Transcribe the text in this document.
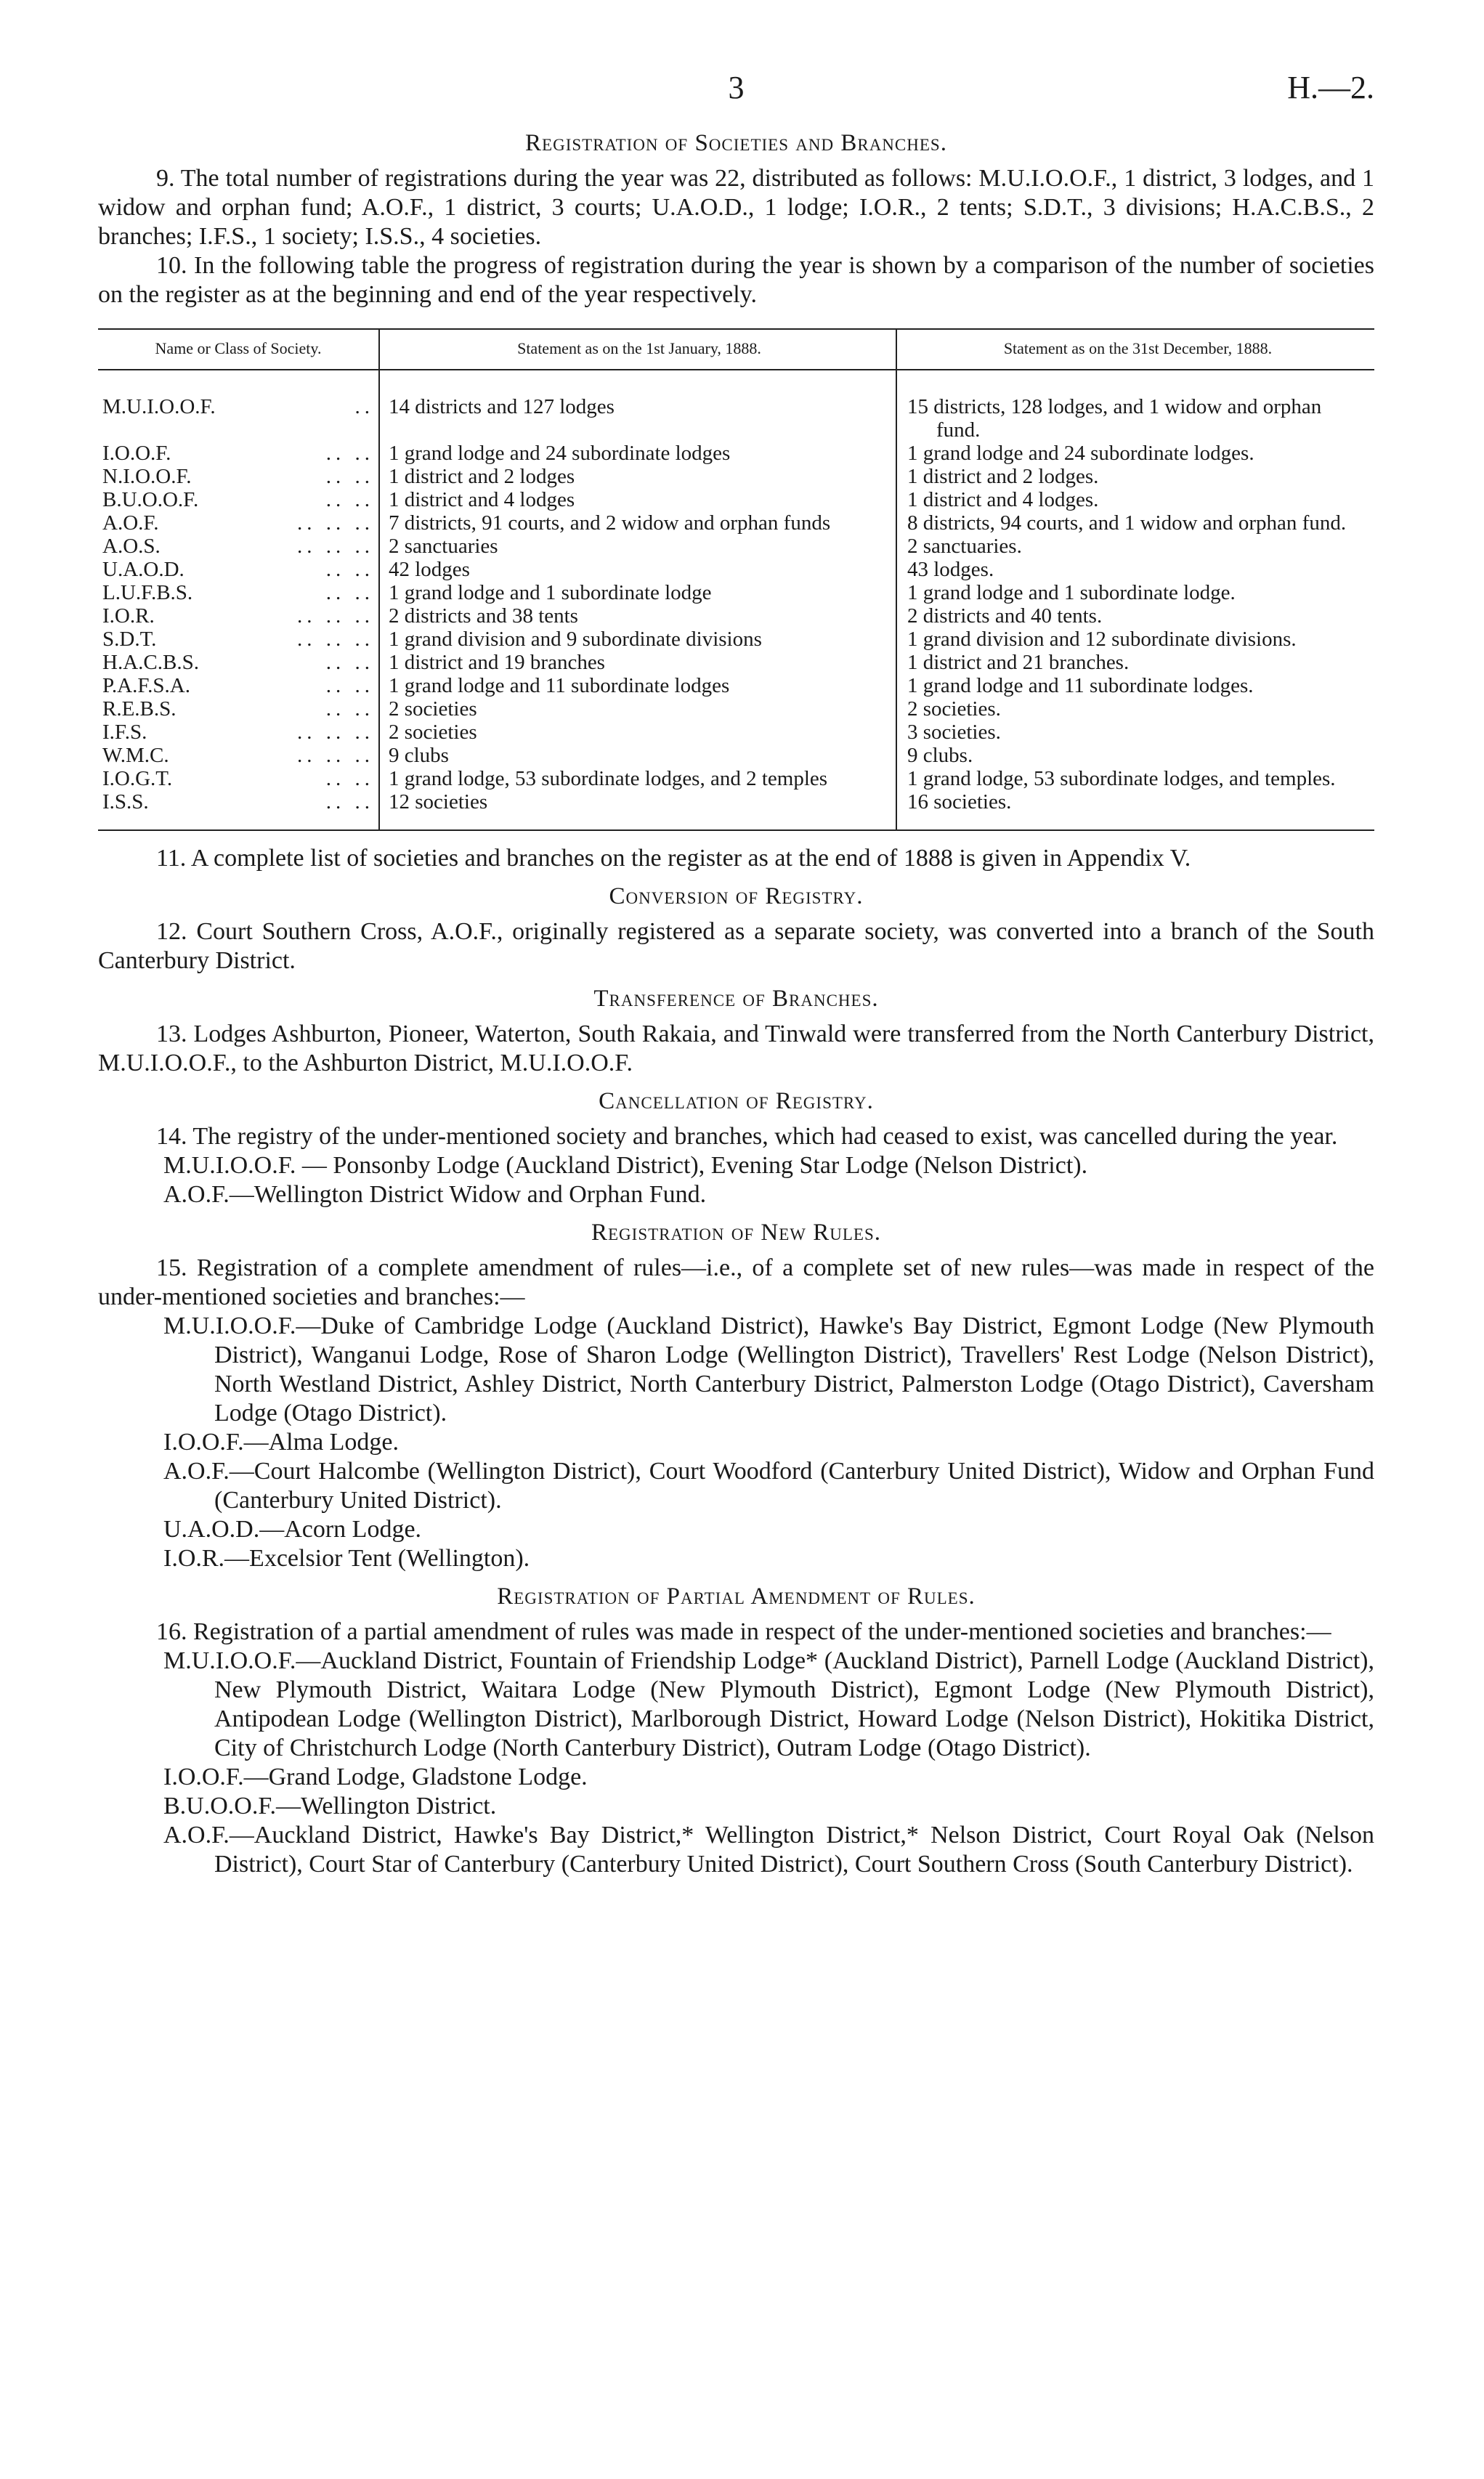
3	H.—2.
Registration of Societies and Branches.

9. The total number of registrations during the year was 22, distributed as follows: M.U.I.O.O.F., 1 district, 3 lodges, and 1 widow and orphan fund; A.O.F., 1 district, 3 courts; U.A.O.D., 1 lodge; I.O.R., 2 tents; S.D.T., 3 divisions; H.A.C.B.S., 2 branches; I.F.S., 1 society; I.S.S., 4 societies.

10. In the following table the progress of registration during the year is shown by a comparison of the number of societies on the register as at the beginning and end of the year respectively.

Name or Class of Society.	Statement as on the 1st January, 1888.	Statement as on the 31st December, 1888.

M.U.I.O.O.F. ..	14 districts and 127 lodges	15 districts, 128 lodges, and 1 widow and orphan fund.

I.O.O.F. .. ..	1 grand lodge and 24 subordinate lodges	1 grand lodge and 24 subordinate lodges.

N.I.O.O.F. .. ..	1 district and 2 lodges	1 district and 2 lodges.

B.U.O.O.F. .. ..	1 district and 4 lodges	1 district and 4 lodges.

A.O.F. .. .. ..	7 districts, 91 courts, and 2 widow and orphan funds	8 districts, 94 courts, and 1 widow and orphan fund.

A.O.S. .. .. ..	2 sanctuaries	2 sanctuaries.

U.A.O.D. .. ..	42 lodges	43 lodges.

L.U.F.B.S. .. ..	1 grand lodge and 1 subordinate lodge	1 grand lodge and 1 subordinate lodge.

I.O.R. .. .. ..	2 districts and 38 tents	2 districts and 40 tents.

S.D.T. .. .. ..	1 grand division and 9 subordinate divisions	1 grand division and 12 subordinate divisions.

H.A.C.B.S. .. ..	1 district and 19 branches	1 district and 21 branches.

P.A.F.S.A. .. ..	1 grand lodge and 11 subordinate lodges	1 grand lodge and 11 subordinate lodges.

R.E.B.S. .. ..	2 societies	2 societies.

I.F.S. .. .. ..	2 societies	3 societies.

W.M.C. .. .. ..	9 clubs	9 clubs.

I.O.G.T. .. ..	1 grand lodge, 53 subordinate lodges, and 2 temples	1 grand lodge, 53 subordinate lodges, and temples.

I.S.S. .. ..	12 societies	16 societies.

11. A complete list of societies and branches on the register as at the end of 1888 is given in Appendix V.

Conversion of Registry.

12. Court Southern Cross, A.O.F., originally registered as a separate society, was converted into a branch of the South Canterbury District.

Transference of Branches.

13. Lodges Ashburton, Pioneer, Waterton, South Rakaia, and Tinwald were transferred from the North Canterbury District, M.U.I.O.O.F., to the Ashburton District, M.U.I.O.O.F.

Cancellation of Registry.

14. The registry of the under-mentioned society and branches, which had ceased to exist, was cancelled during the year.

M.U.I.O.O.F. — Ponsonby Lodge (Auckland District), Evening Star Lodge (Nelson District).

A.O.F.—Wellington District Widow and Orphan Fund.

Registration of New Rules.

15. Registration of a complete amendment of rules—i.e., of a complete set of new rules—was made in respect of the under-mentioned societies and branches:—

M.U.I.O.O.F.—Duke of Cambridge Lodge (Auckland District), Hawke's Bay District, Egmont Lodge (New Plymouth District), Wanganui Lodge, Rose of Sharon Lodge (Wellington District), Travellers' Rest Lodge (Nelson District), North Westland District, Ashley District, North Canterbury District, Palmerston Lodge (Otago District), Caversham Lodge (Otago District).

I.O.O.F.—Alma Lodge.

A.O.F.—Court Halcombe (Wellington District), Court Woodford (Canterbury United District), Widow and Orphan Fund (Canterbury United District).

U.A.O.D.—Acorn Lodge.

I.O.R.—Excelsior Tent (Wellington).

Registration of Partial Amendment of Rules.

16. Registration of a partial amendment of rules was made in respect of the under-mentioned societies and branches:—

M.U.I.O.O.F.—Auckland District, Fountain of Friendship Lodge* (Auckland District), Parnell Lodge (Auckland District), New Plymouth District, Waitara Lodge (New Plymouth District), Egmont Lodge (New Plymouth District), Antipodean Lodge (Wellington District), Marlborough District, Howard Lodge (Nelson District), Hokitika District, City of Christchurch Lodge (North Canterbury District), Outram Lodge (Otago District).

I.O.O.F.—Grand Lodge, Gladstone Lodge.

B.U.O.O.F.—Wellington District.

A.O.F.—Auckland District, Hawke's Bay District,* Wellington District,* Nelson District, Court Royal Oak (Nelson District), Court Star of Canterbury (Canterbury United District), Court Southern Cross (South Canterbury District).
